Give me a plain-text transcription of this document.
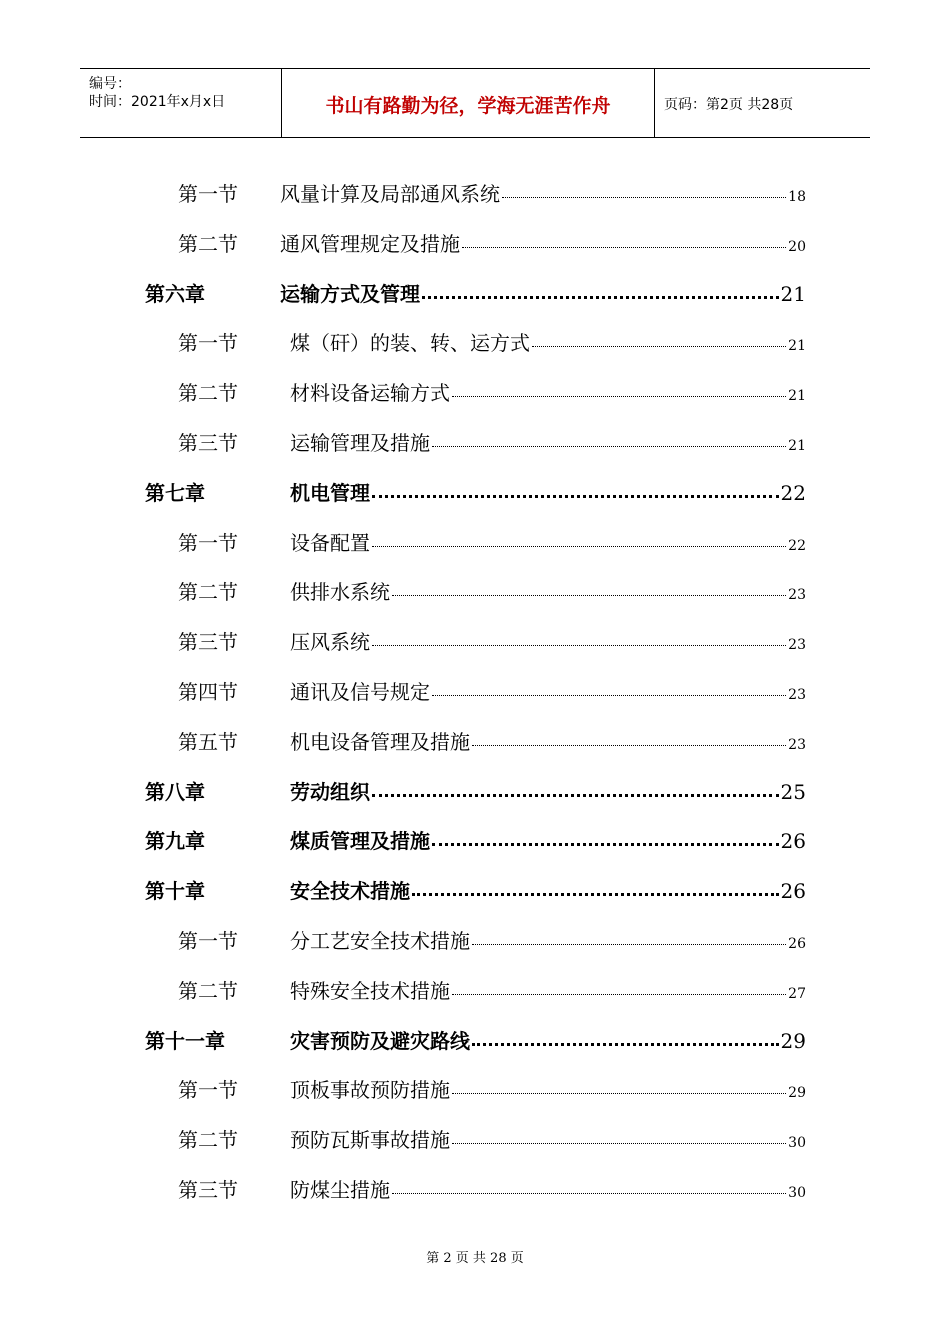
编号：
时间：2021年x月x日	书山有路勤为径，学海无涯苦作舟	页码：第2页 共28页
第一节 风量计算及局部通风系统	18
第二节 通风管理规定及措施	20
第六章	运输方式及管理	21
第一节	煤（矸）的装、转、运方式	21
第二节	材料设备运输方式	21
第三节	运输管理及措施	21
第七章	机电管理	22
第一节	设备配置	22
第二节	供排水系统	23
第三节	压风系统	23
第四节	通讯及信号规定	23
第五节	机电设备管理及措施	23
第八章	劳动组织	25
第九章	煤质管理及措施	26
第十章	安全技术措施	26
第一节	分工艺安全技术措施	26
第二节	特殊安全技术措施	27
第十一章	灾害预防及避灾路线	29
第一节	顶板事故预防措施	29
第二节	预防瓦斯事故措施	30
第三节	防煤尘措施	30
第 2 页 共 28 页
